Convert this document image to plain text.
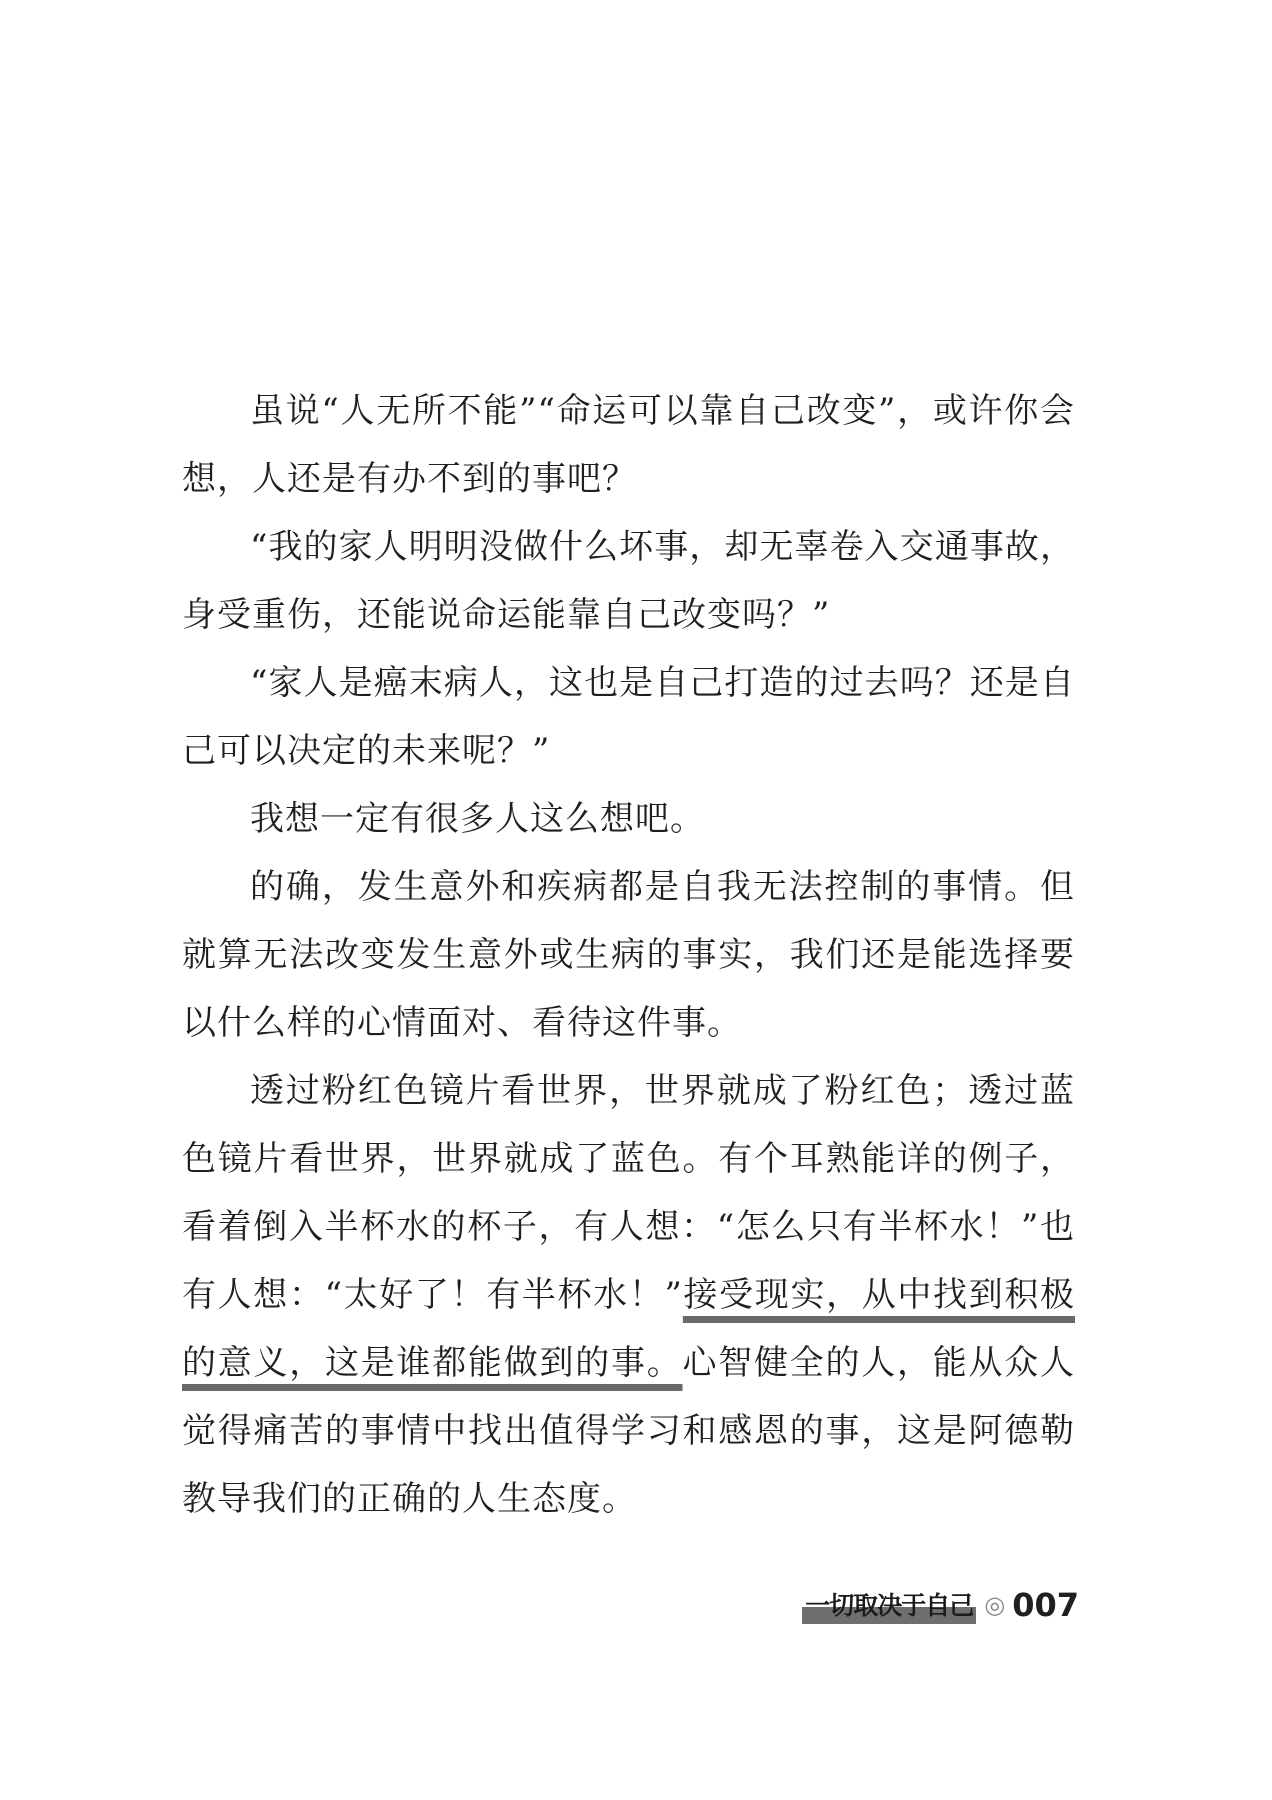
虽说“人无所不能”“命运可以靠自己改变”，或许你会想，人还是有办不到的事吧？

“我的家人明明没做什么坏事，却无辜卷入交通事故，身受重伤，还能说命运能靠自己改变吗？”

“家人是癌末病人，这也是自己打造的过去吗？还是自己可以决定的未来呢？”

我想一定有很多人这么想吧。

的确，发生意外和疾病都是自我无法控制的事情。但就算无法改变发生意外或生病的事实，我们还是能选择要以什么样的心情面对、看待这件事。

透过粉红色镜片看世界，世界就成了粉红色；透过蓝色镜片看世界，世界就成了蓝色。有个耳熟能详的例子，看着倒入半杯水的杯子，有人想：“怎么只有半杯水！”也有人想：“太好了！有半杯水！”接受现实，从中找到积极的意义，这是谁都能做到的事。心智健全的人，能从众人觉得痛苦的事情中找出值得学习和感恩的事，这是阿德勒教导我们的正确的人生态度。

一切取决于自己 ◎ 007
